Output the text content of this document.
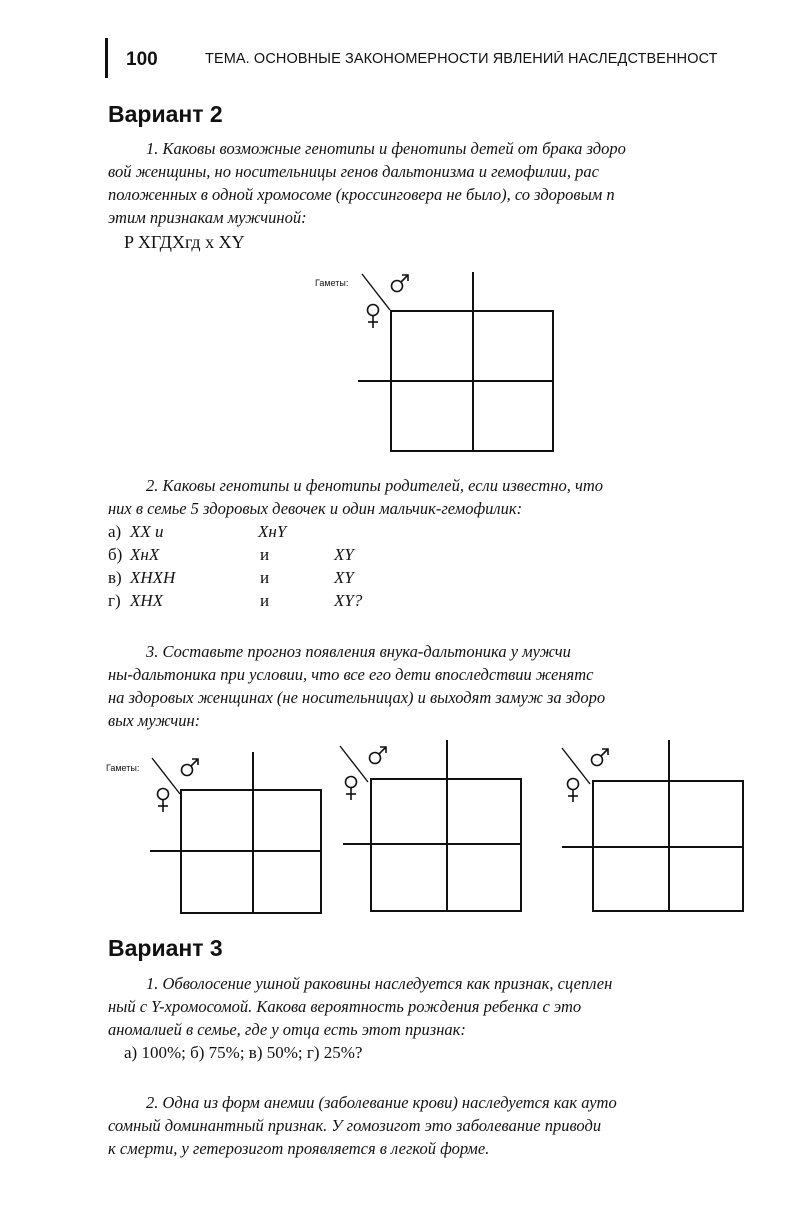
100	ТЕМА. ОСНОВНЫЕ ЗАКОНОМЕРНОСТИ ЯВЛЕНИЙ НАСЛЕДСТВЕННОСТ
Вариант 2
1. Каковы возможные генотипы и фенотипы детей от брака здоро
вой женщины, но носительницы генов дальтонизма и гемофилии, рас
положенных в одной хромосоме (кроссинговера не было), со здоровым п
этим признакам мужчиной:
P XГДXгд x XY
Гаметы:
2. Каковы генотипы и фенотипы родителей, если известно, что
них в семье 5 здоровых девочек и один мальчик-гемофилик:
а) XX и	XнY
б) XнX	и	XY
в) XHXH	и	XY
г) XHX	и	XY?
3. Составьте прогноз появления внука-дальтоника у мужчи
ны-дальтоника при условии, что все его дети впоследствии женятс
на здоровых женщинах (не носительницах) и выходят замуж за здоро
вых мужчин:
Гаметы:
Вариант 3
1. Обволосение ушной раковины наследуется как признак, сцеплен
ный с Y-хромосомой. Какова вероятность рождения ребенка с это
аномалией в семье, где у отца есть этот признак:
а) 100%; б) 75%; в) 50%; г) 25%?
2. Одна из форм анемии (заболевание крови) наследуется как ауто
сомный доминантный признак. У гомозигот это заболевание приводи
к смерти, у гетерозигот проявляется в легкой форме.
